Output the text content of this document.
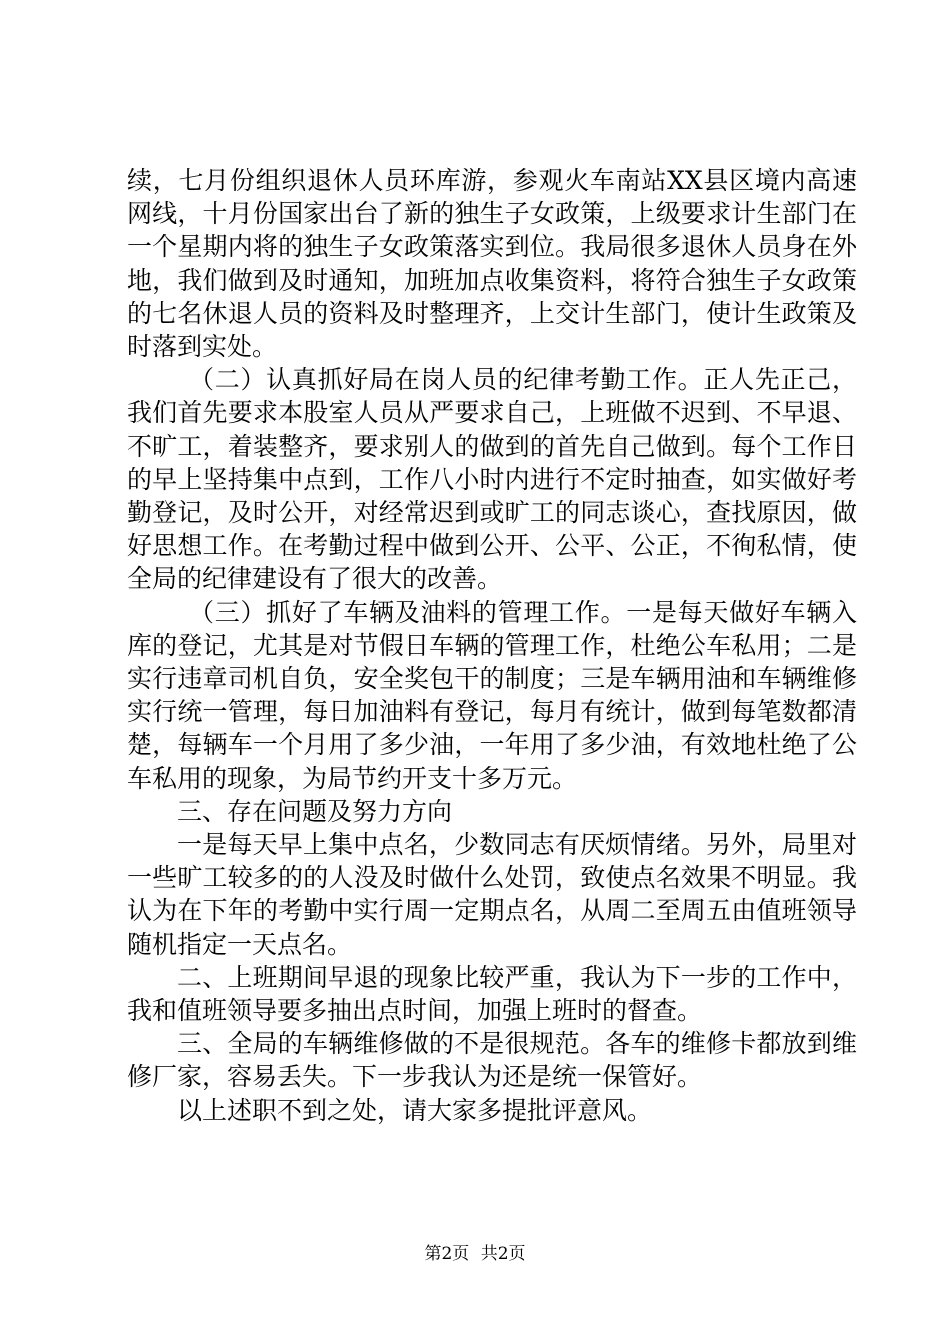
续，七月份组织退休人员环库游，参观火车南站XX县区境内高速网线，十月份国家出台了新的独生子女政策，上级要求计生部门在一个星期内将的独生子女政策落实到位。我局很多退休人员身在外地，我们做到及时通知，加班加点收集资料，将符合独生子女政策的七名休退人员的资料及时整理齐，上交计生部门，使计生政策及时落到实处。

（二）认真抓好局在岗人员的纪律考勤工作。正人先正己，我们首先要求本股室人员从严要求自己，上班做不迟到、不早退、不旷工，着装整齐，要求别人的做到的首先自己做到。每个工作日的早上坚持集中点到，工作八小时内进行不定时抽查，如实做好考勤登记，及时公开，对经常迟到或旷工的同志谈心，查找原因，做好思想工作。在考勤过程中做到公开、公平、公正，不徇私情，使全局的纪律建设有了很大的改善。

（三）抓好了车辆及油料的管理工作。一是每天做好车辆入库的登记，尤其是对节假日车辆的管理工作，杜绝公车私用；二是实行违章司机自负，安全奖包干的制度；三是车辆用油和车辆维修实行统一管理，每日加油料有登记，每月有统计，做到每笔数都清楚，每辆车一个月用了多少油，一年用了多少油，有效地杜绝了公车私用的现象，为局节约开支十多万元。

三、存在问题及努力方向

一是每天早上集中点名，少数同志有厌烦情绪。另外，局里对一些旷工较多的的人没及时做什么处罚，致使点名效果不明显。我认为在下年的考勤中实行周一定期点名，从周二至周五由值班领导随机指定一天点名。

二、上班期间早退的现象比较严重，我认为下一步的工作中，我和值班领导要多抽出点时间，加强上班时的督查。

三、全局的车辆维修做的不是很规范。各车的维修卡都放到维修厂家，容易丢失。下一步我认为还是统一保管好。

以上述职不到之处，请大家多提批评意风。

第2页 共2页
